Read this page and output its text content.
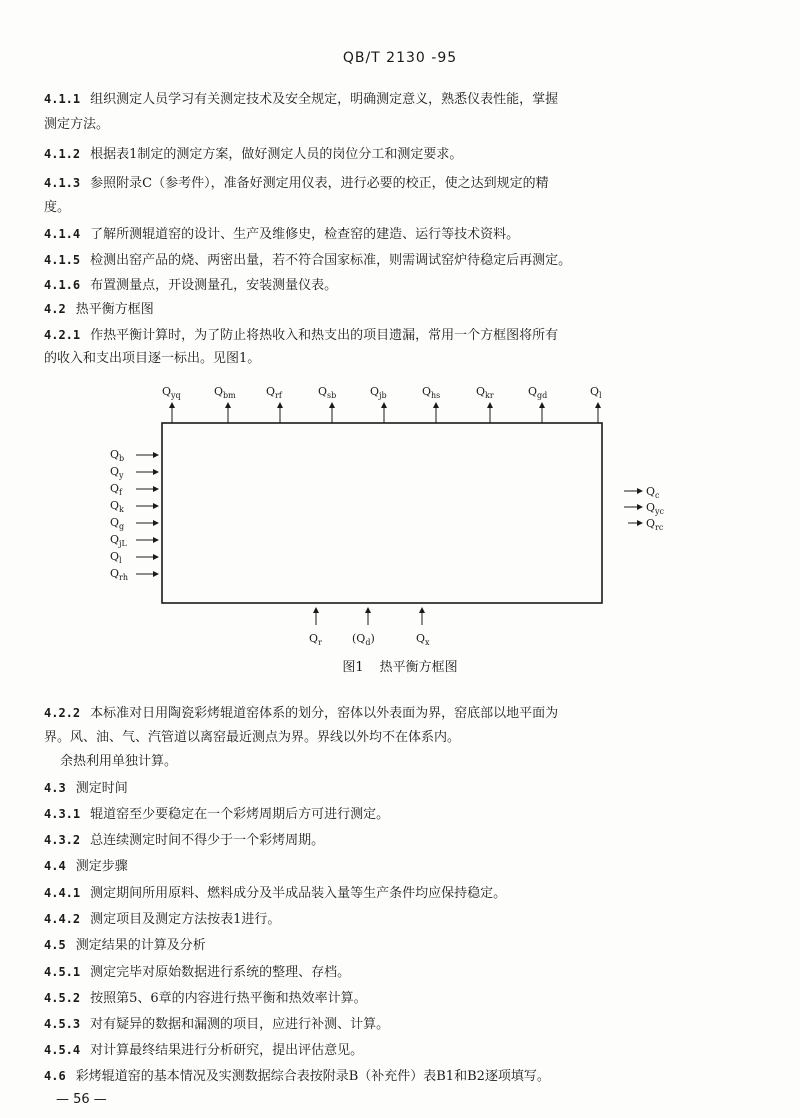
QB/T 2130 -95
4.1.1 组织测定人员学习有关测定技术及安全规定，明确测定意义，熟悉仪表性能，掌握
测定方法。
4.1.2 根据表1制定的测定方案，做好测定人员的岗位分工和测定要求。
4.1.3 参照附录C（参考件），准备好测定用仪表，进行必要的校正，使之达到规定的精
度。
4.1.4 了解所测辊道窑的设计、生产及维修史，检查窑的建造、运行等技术资料。
4.1.5 检测出窑产品的烧、两密出量，若不符合国家标准，则需调试窑炉待稳定后再测定。
4.1.6 布置测量点，开设测量孔，安装测量仪表。
4.2 热平衡方框图
4.2.1 作热平衡计算时，为了防止将热收入和热支出的项目遗漏，常用一个方框图将所有
的收入和支出项目逐一标出。见图1。
$Q_{yq}$	$Q_{bm}$	$Q_{rf}$	$Q_{sb}$	$Q_{jb}$	$Q_{hs}$	$Q_{kr}$	$Q_{gd}$	$Q_l$
$Q_b$
$Q_y$
$Q_f$
$Q_k$
$Q_g$
$Q_{jL}$
$Q_l$
$Q_{rh}$
$Q_c$
$Q_{yc}$
$Q_{rc}$
$Q_r$	$(Q_d)$	$Q_x$
图1 热平衡方框图
4.2.2 本标准对日用陶瓷彩烤辊道窑体系的划分，窑体以外表面为界，窑底部以地平面为
界。风、油、气、汽管道以离窑最近测点为界。界线以外均不在体系内。
余热利用单独计算。
4.3 测定时间
4.3.1 辊道窑至少要稳定在一个彩烤周期后方可进行测定。
4.3.2 总连续测定时间不得少于一个彩烤周期。
4.4 测定步骤
4.4.1 测定期间所用原料、燃料成分及半成品装入量等生产条件均应保持稳定。
4.4.2 测定项目及测定方法按表1进行。
4.5 测定结果的计算及分析
4.5.1 测定完毕对原始数据进行系统的整理、存档。
4.5.2 按照第5、6章的内容进行热平衡和热效率计算。
4.5.3 对有疑异的数据和漏测的项目，应进行补测、计算。
4.5.4 对计算最终结果进行分析研究，提出评估意见。
4.6 彩烤辊道窑的基本情况及实测数据综合表按附录B（补充件）表B1和B2逐项填写。
— 56 —
